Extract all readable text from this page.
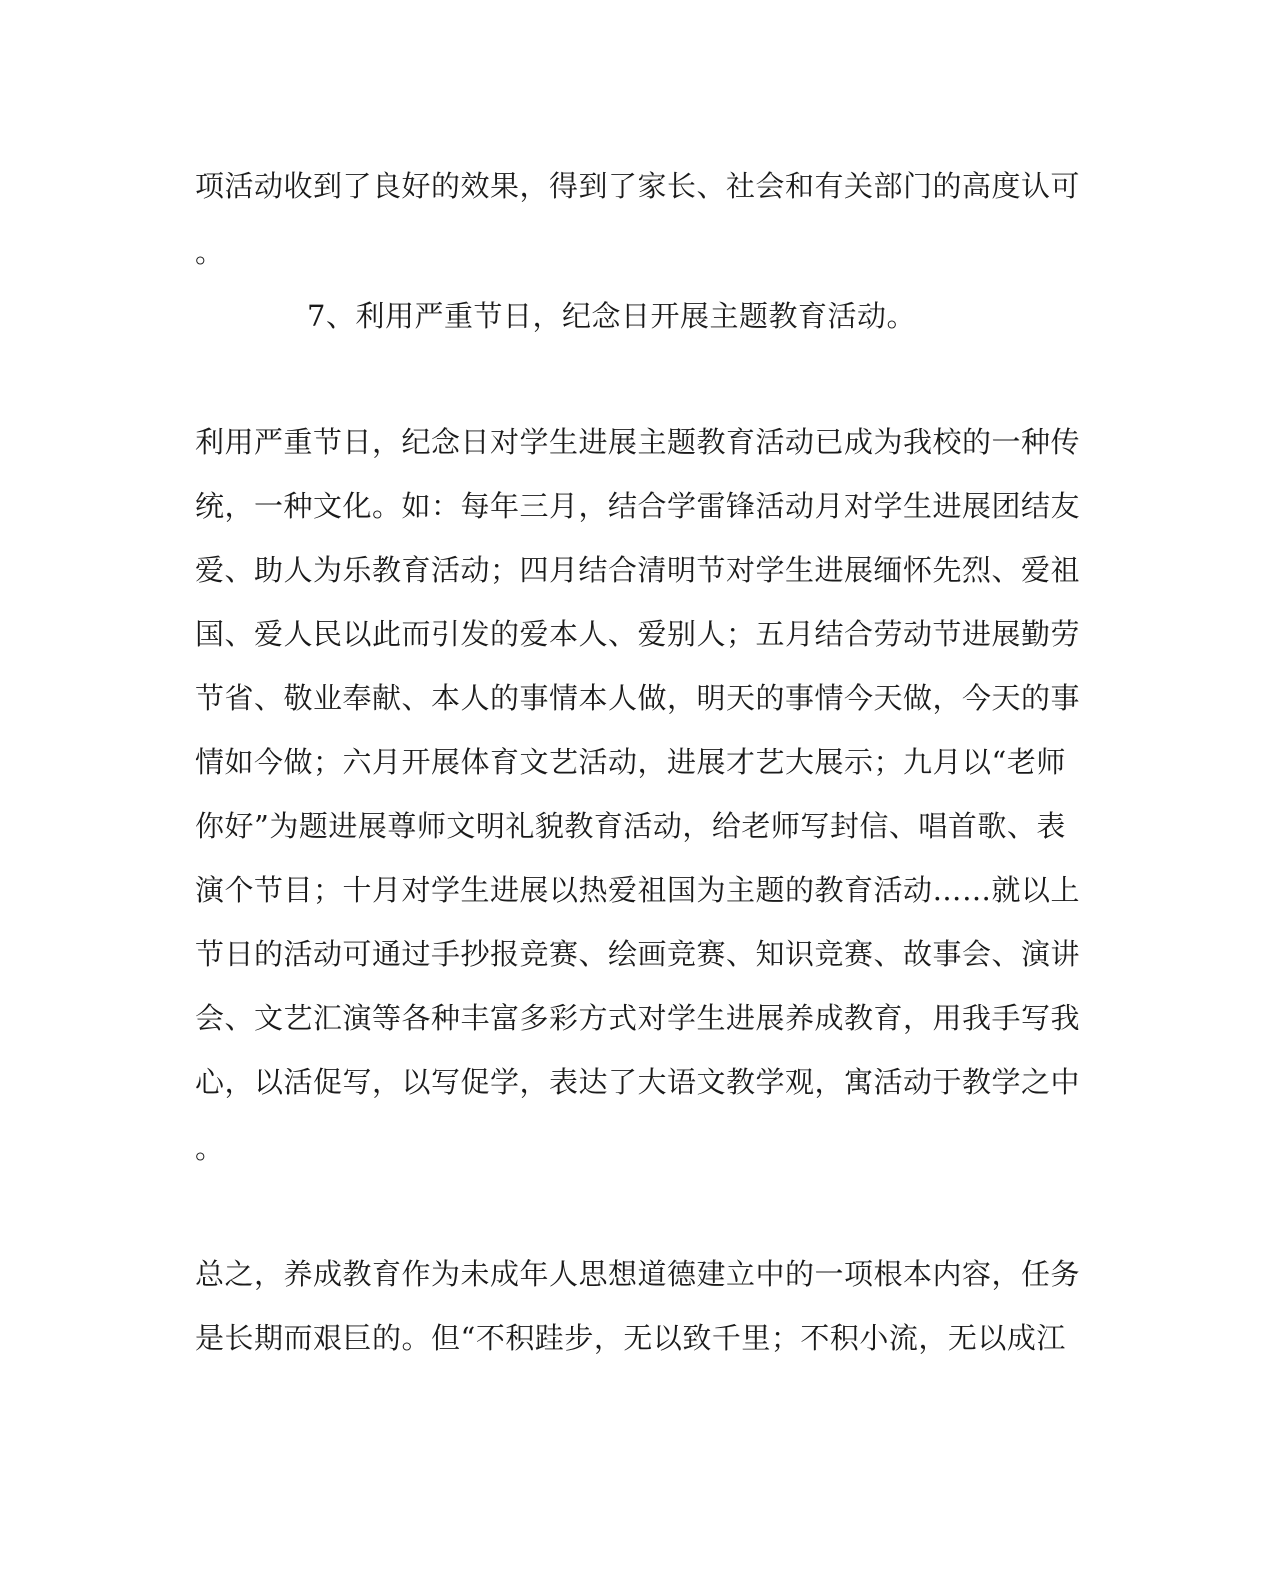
项活动收到了良好的效果，得到了家长、社会和有关部门的高度认可
。
7、利用严重节日，纪念日开展主题教育活动。
利用严重节日，纪念日对学生进展主题教育活动已成为我校的一种传
统，一种文化。如：每年三月，结合学雷锋活动月对学生进展团结友
爱、助人为乐教育活动；四月结合清明节对学生进展缅怀先烈、爱祖
国、爱人民以此而引发的爱本人、爱别人；五月结合劳动节进展勤劳
节省、敬业奉献、本人的事情本人做，明天的事情今天做，今天的事
情如今做；六月开展体育文艺活动，进展才艺大展示；九月以“老师
你好”为题进展尊师文明礼貌教育活动，给老师写封信、唱首歌、表
演个节目；十月对学生进展以热爱祖国为主题的教育活动……就以上
节日的活动可通过手抄报竞赛、绘画竞赛、知识竞赛、故事会、演讲
会、文艺汇演等各种丰富多彩方式对学生进展养成教育，用我手写我
心，以活促写，以写促学，表达了大语文教学观，寓活动于教学之中
。
总之，养成教育作为未成年人思想道德建立中的一项根本内容，任务
是长期而艰巨的。但“不积跬步，无以致千里；不积小流，无以成江
